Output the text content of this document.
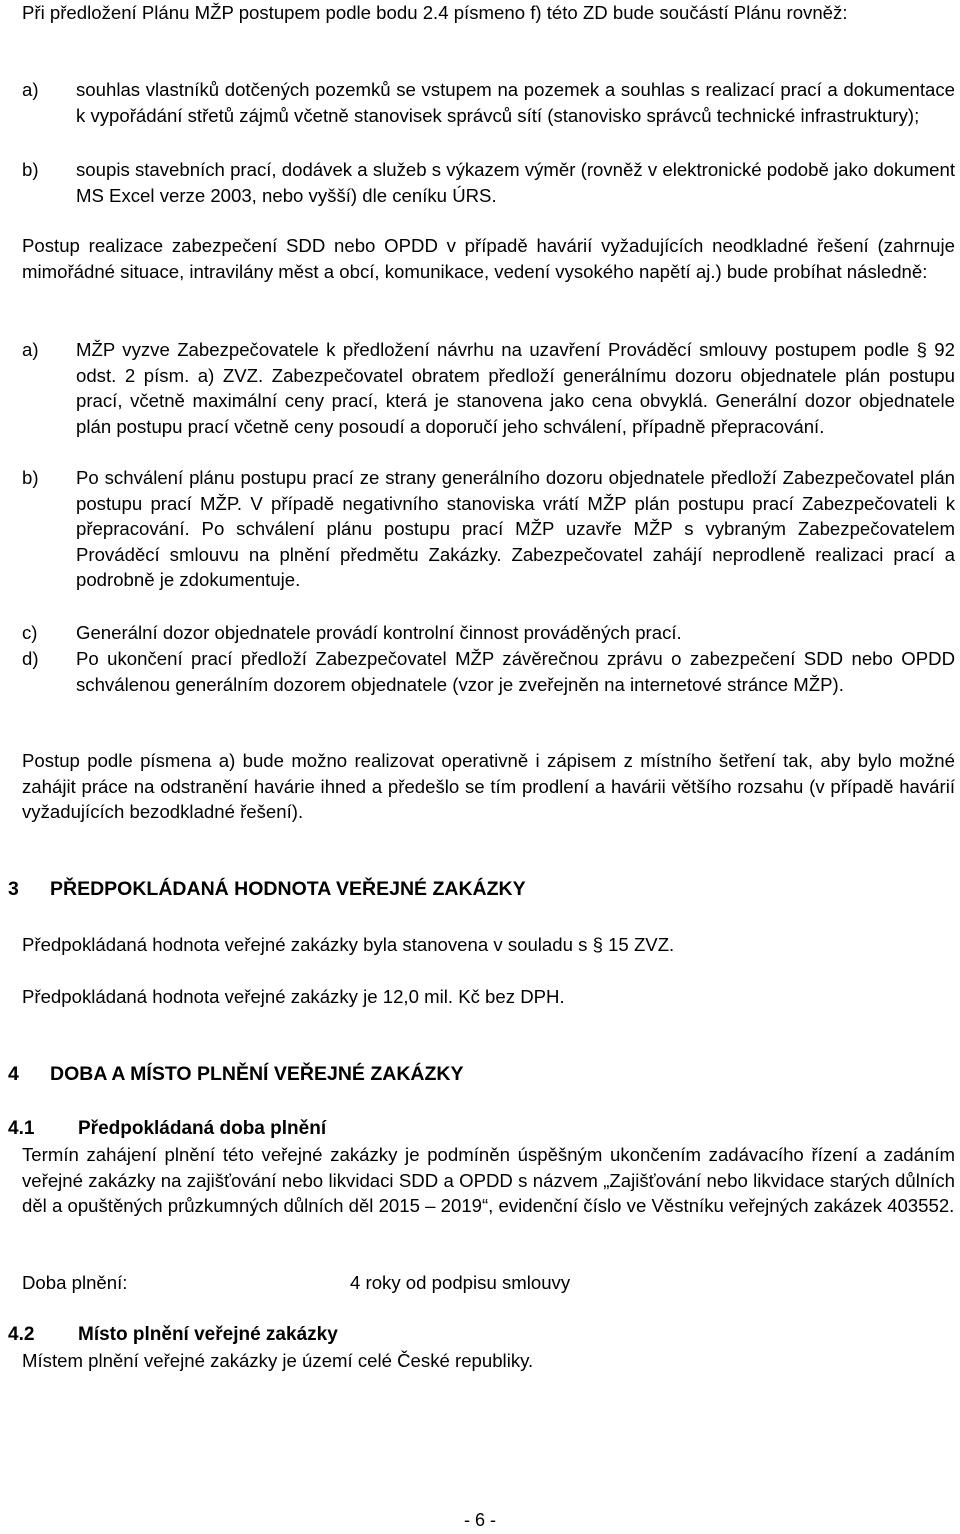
Při předložení Plánu MŽP postupem podle bodu 2.4 písmeno f) této ZD bude součástí Plánu rovněž:

a) souhlas vlastníků dotčených pozemků se vstupem na pozemek a souhlas s realizací prací a dokumentace k vypořádání střetů zájmů včetně stanovisek správců sítí (stanovisko správců technické infrastruktury);
b) soupis stavebních prací, dodávek a služeb s výkazem výměr (rovněž v elektronické podobě jako dokument MS Excel verze 2003, nebo vyšší) dle ceníku ÚRS.

Postup realizace zabezpečení SDD nebo OPDD v případě havárií vyžadujících neodkladné řešení (zahrnuje mimořádné situace, intravilány měst a obcí, komunikace, vedení vysokého napětí aj.) bude probíhat následně:

a) MŽP vyzve Zabezpečovatele k předložení návrhu na uzavření Prováděcí smlouvy postupem podle § 92 odst. 2 písm. a) ZVZ. Zabezpečovatel obratem předloží generálnímu dozoru objednatele plán postupu prací, včetně maximální ceny prací, která je stanovena jako cena obvyklá. Generální dozor objednatele plán postupu prací včetně ceny posoudí a doporučí jeho schválení, případně přepracování.
b) Po schválení plánu postupu prací ze strany generálního dozoru objednatele předloží Zabezpečovatel plán postupu prací MŽP. V případě negativního stanoviska vrátí MŽP plán postupu prací Zabezpečovateli k přepracování. Po schválení plánu postupu prací MŽP uzavře MŽP s vybraným Zabezpečovatelem Prováděcí smlouvu na plnění předmětu Zakázky. Zabezpečovatel zahájí neprodleně realizaci prací a podrobně je zdokumentuje.
c) Generální dozor objednatele provádí kontrolní činnost prováděných prací.
d) Po ukončení prací předloží Zabezpečovatel MŽP závěrečnou zprávu o zabezpečení SDD nebo OPDD schválenou generálním dozorem objednatele (vzor je zveřejněn na internetové stránce MŽP).

Postup podle písmena a) bude možno realizovat operativně i zápisem z místního šetření tak, aby bylo možné zahájit práce na odstranění havárie ihned a předešlo se tím prodlení a havárii většího rozsahu (v případě havárií vyžadujících bezodkladné řešení).

3 PŘEDPOKLÁDANÁ HODNOTA VEŘEJNÉ ZAKÁZKY

Předpokládaná hodnota veřejné zakázky byla stanovena v souladu s § 15 ZVZ.

Předpokládaná hodnota veřejné zakázky je 12,0 mil. Kč bez DPH.

4 DOBA A MÍSTO PLNĚNÍ VEŘEJNÉ ZAKÁZKY
4.1 Předpokládaná doba plnění

Termín zahájení plnění této veřejné zakázky je podmíněn úspěšným ukončením zadávacího řízení a zadáním veřejné zakázky na zajišťování nebo likvidaci SDD a OPDD s názvem „Zajišťování nebo likvidace starých důlních děl a opuštěných průzkumných důlních děl 2015 – 2019“, evidenční číslo ve Věstníku veřejných zakázek 403552.

Doba plnění:	4 roky od podpisu smlouvy
4.2 Místo plnění veřejné zakázky

Místem plnění veřejné zakázky je území celé České republiky.

- 6 -
